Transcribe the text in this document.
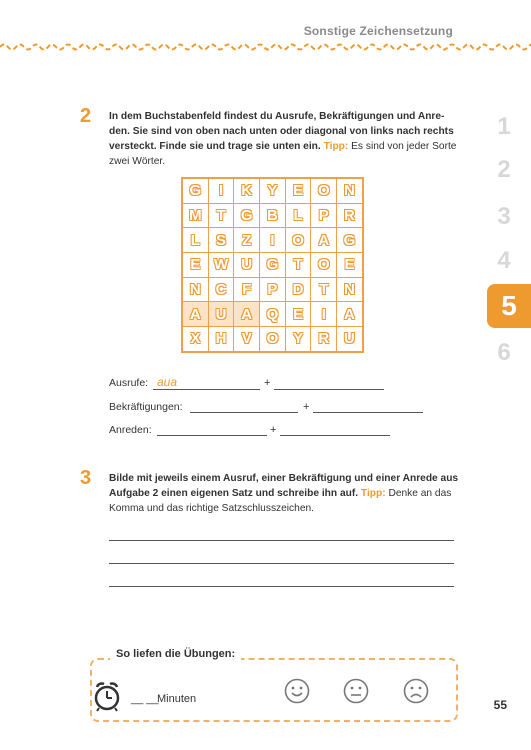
Sonstige Zeichensetzung
1
2
3
4
5
6
2 In dem Buchstabenfeld findest du Ausrufe, Bekräftigungen und Anre-
den. Sie sind von oben nach unten oder diagonal von links nach rechts
versteckt. Finde sie und trage sie unten ein. Tipp: Es sind von jeder Sorte
zwei Wörter.
G	I	K	Y	E	O	N
M	T	G	B	L	P	R
L	S	Z	I	O	A	G
E	W	U	G	T	O	E
N	C	F	P	D	T	N
A	U	A	Q	E	I	A
X	H	V	O	Y	R	U
Ausrufe: aua	+
Bekräftigungen:	+
Anreden:	+
3 Bilde mit jeweils einem Ausruf, einer Bekräftigung und einer Anrede aus
Aufgabe 2 einen eigenen Satz und schreibe ihn auf. Tipp: Denke an das
Komma und das richtige Satzschlusszeichen.
So liefen die Übungen:
__ __
Minuten	55
